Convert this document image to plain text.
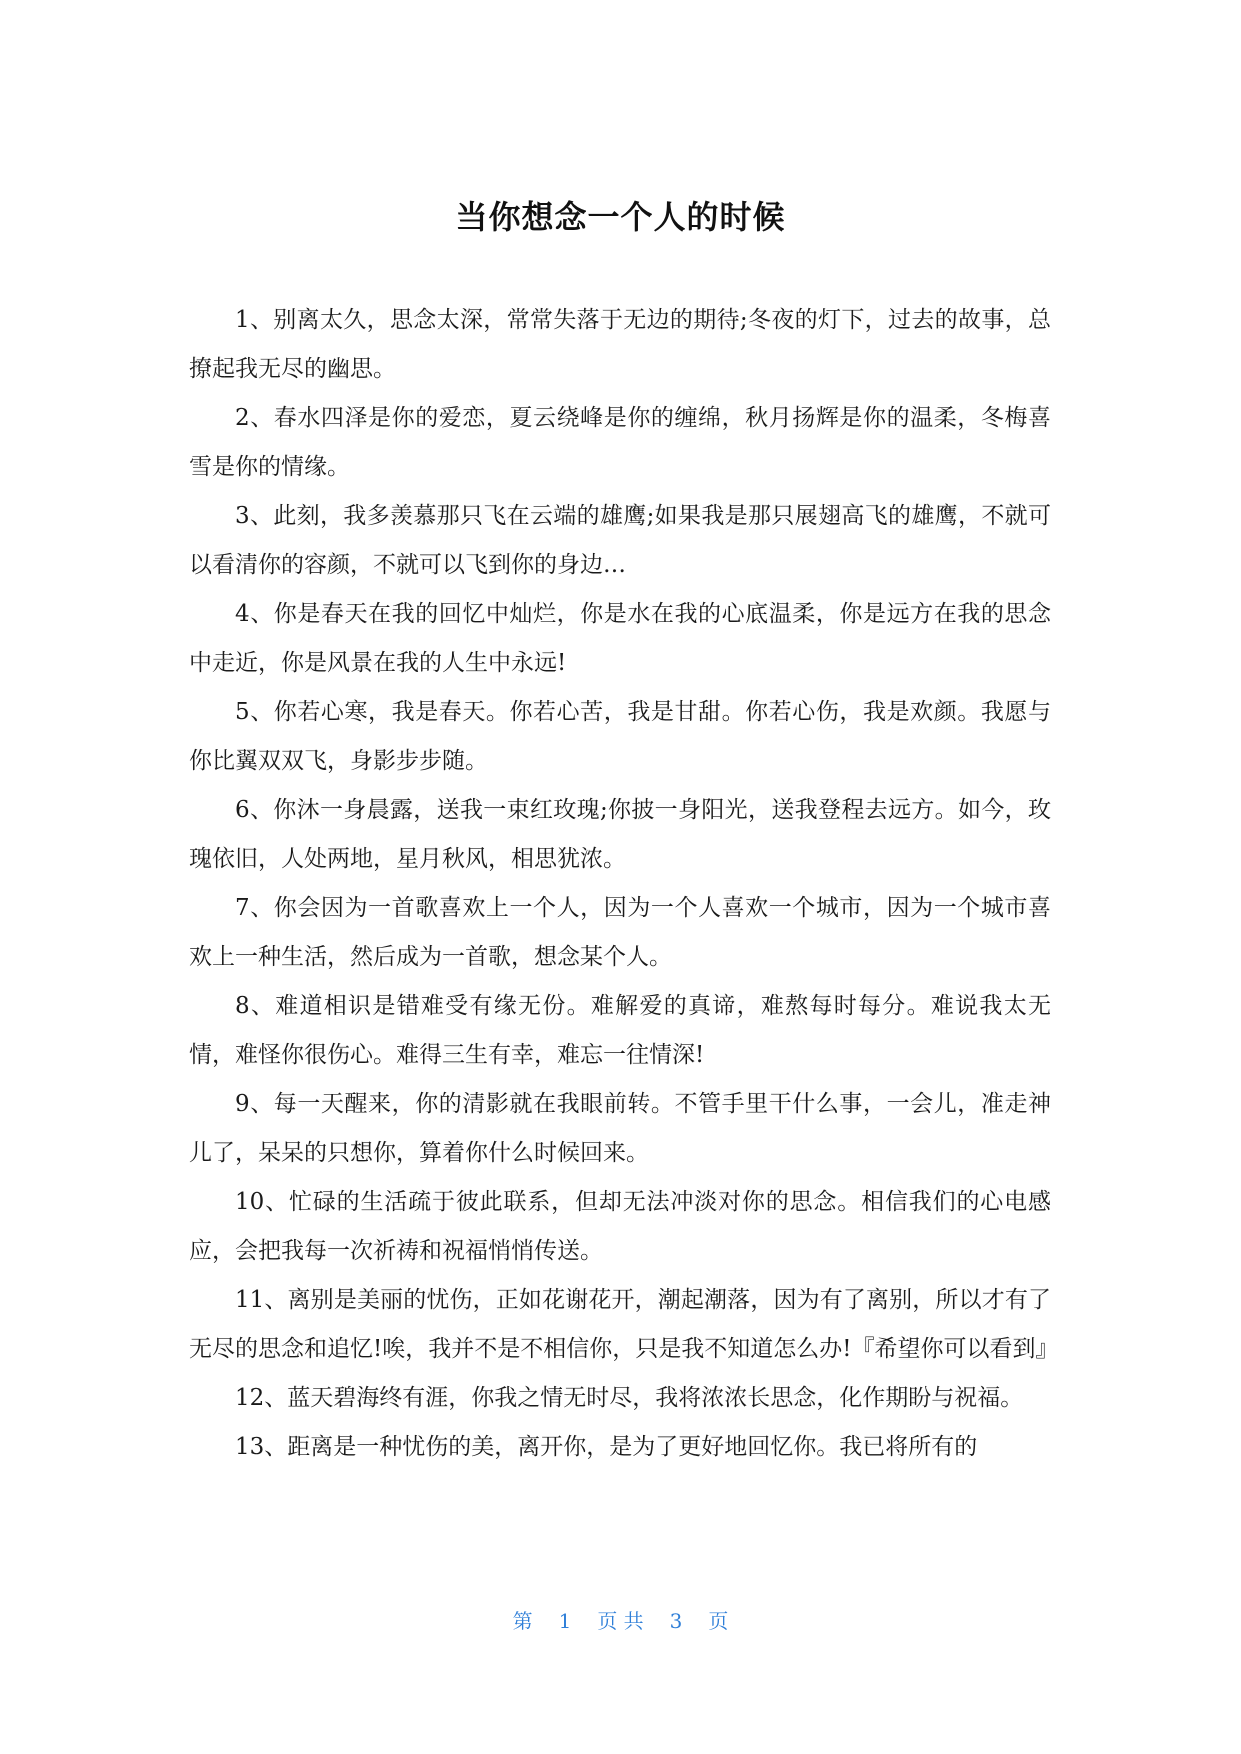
当你想念一个人的时候

1、别离太久，思念太深，常常失落于无边的期待;冬夜的灯下，过去的故事，总撩起我无尽的幽思。

2、春水四泽是你的爱恋，夏云绕峰是你的缠绵，秋月扬辉是你的温柔，冬梅喜雪是你的情缘。

3、此刻，我多羡慕那只飞在云端的雄鹰;如果我是那只展翅高飞的雄鹰，不就可以看清你的容颜，不就可以飞到你的身边…

4、你是春天在我的回忆中灿烂，你是水在我的心底温柔，你是远方在我的思念中走近，你是风景在我的人生中永远!

5、你若心寒，我是春天。你若心苦，我是甘甜。你若心伤，我是欢颜。我愿与你比翼双双飞，身影步步随。

6、你沐一身晨露，送我一束红玫瑰;你披一身阳光，送我登程去远方。如今，玫瑰依旧，人处两地，星月秋风，相思犹浓。

7、你会因为一首歌喜欢上一个人，因为一个人喜欢一个城市，因为一个城市喜欢上一种生活，然后成为一首歌，想念某个人。

8、难道相识是错难受有缘无份。难解爱的真谛，难熬每时每分。难说我太无情，难怪你很伤心。难得三生有幸，难忘一往情深!

9、每一天醒来，你的清影就在我眼前转。不管手里干什么事，一会儿，准走神儿了，呆呆的只想你，算着你什么时候回来。

10、忙碌的生活疏于彼此联系，但却无法冲淡对你的思念。相信我们的心电感应，会把我每一次祈祷和祝福悄悄传送。

11、离别是美丽的忧伤，正如花谢花开，潮起潮落，因为有了离别，所以才有了无尽的思念和追忆!唉，我并不是不相信你，只是我不知道怎么办!『希望你可以看到』

12、蓝天碧海终有涯，你我之情无时尽，我将浓浓长思念，化作期盼与祝福。

13、距离是一种忧伤的美，离开你，是为了更好地回忆你。我已将所有的

第 1 页 共 3 页
